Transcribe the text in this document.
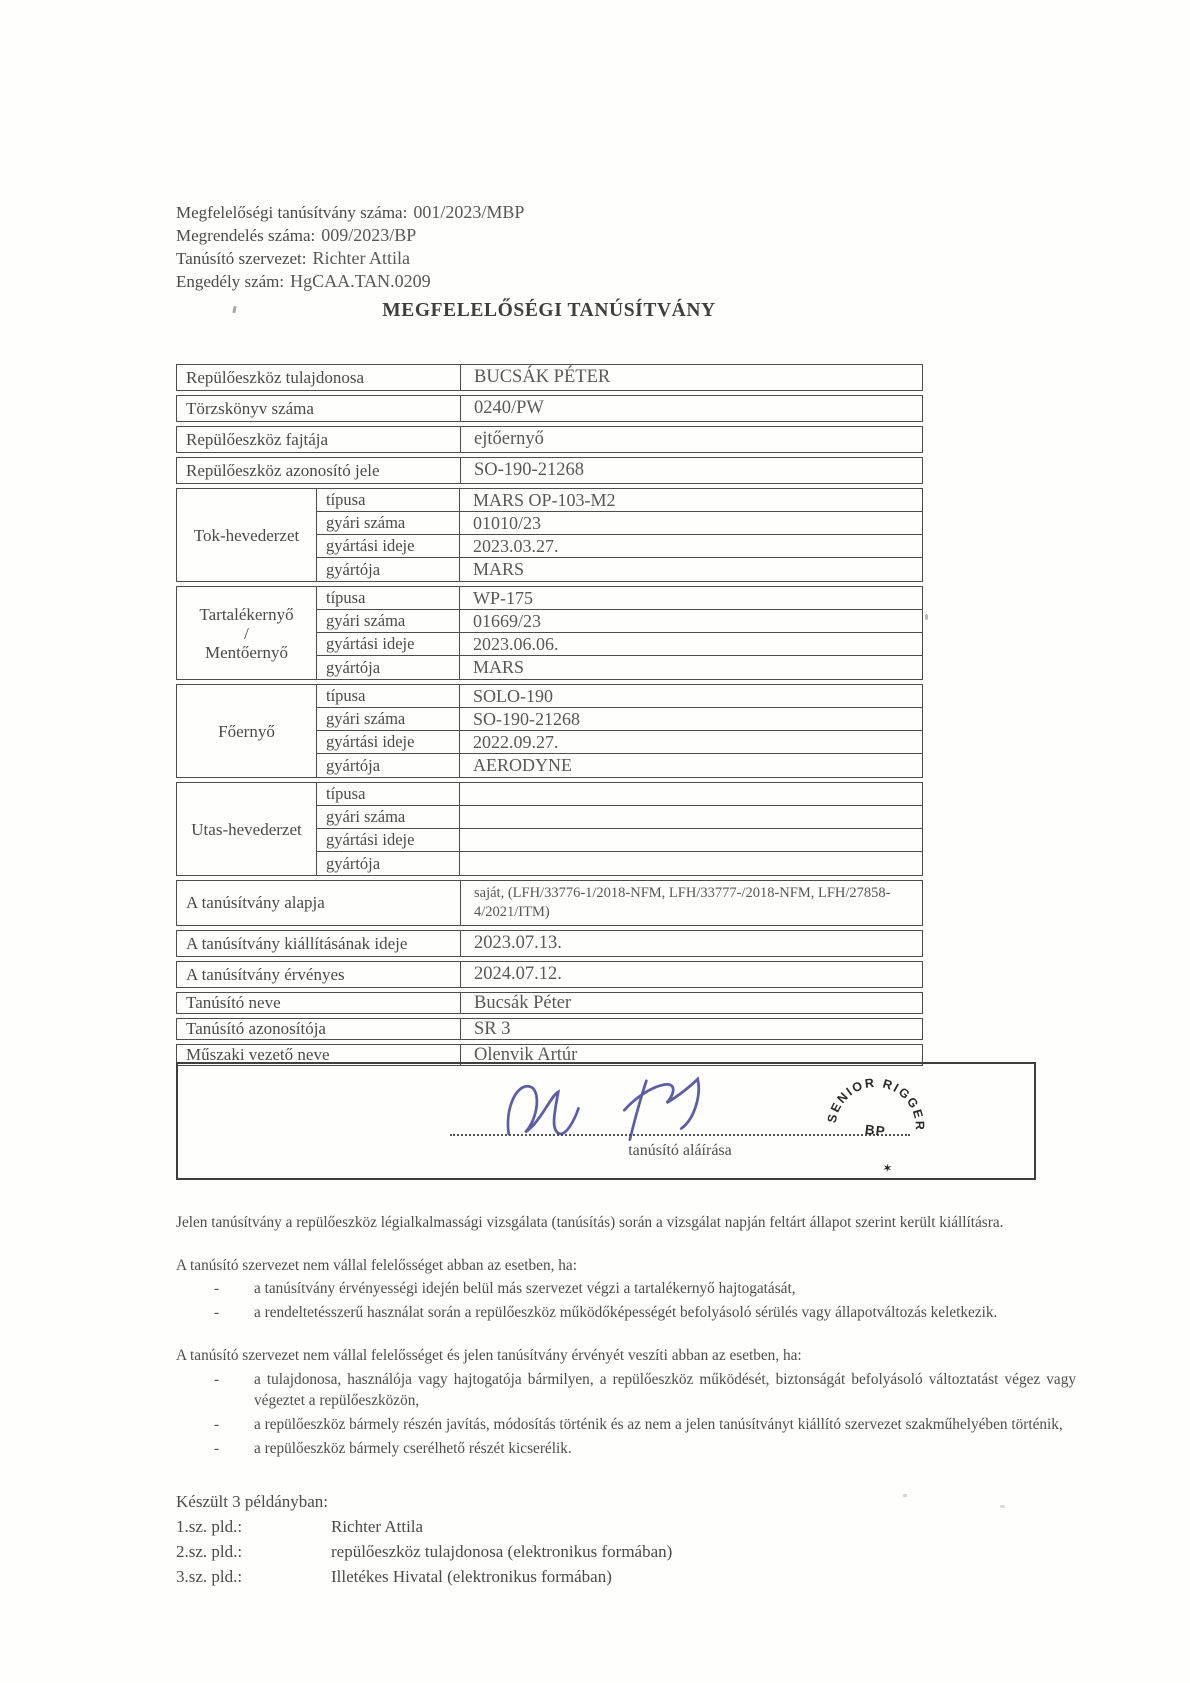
Megfelelőségi tanúsítvány száma: 001/2023/MBP
Megrendelés száma: 009/2023/BP
Tanúsító szervezet: Richter Attila
Engedély szám: HgCAA.TAN.0209
MEGFELELŐSÉGI TANÚSÍTVÁNY
Repülőeszköz tulajdonosa	BUCSÁK PÉTER
Törzskönyv száma	0240/PW
Repülőeszköz fajtája	ejtőernyő
Repülőeszköz azonosító jele	SO-190-21268
Tok-hevederzet
típusa	MARS OP-103-M2
gyári száma	01010/23
gyártási ideje	2023.03.27.
gyártója	MARS
Tartalékernyő
/
Mentőernyő
típusa	WP-175
gyári száma	01669/23
gyártási ideje	2023.06.06.
gyártója	MARS
Főernyő
típusa	SOLO-190
gyári száma	SO-190-21268
gyártási ideje	2022.09.27.
gyártója	AERODYNE
Utas-hevederzet
típusa
gyári száma
gyártási ideje
gyártója
A tanúsítvány alapja	saját, (LFH/33776-1/2018-NFM, LFH/33777-/2018-NFM, LFH/27858-4/2021/ITM)
A tanúsítvány kiállításának ideje	2023.07.13.
A tanúsítvány érvényes	2024.07.12.
Tanúsító neve	Bucsák Péter
Tanúsító azonosítója	SR 3
Műszaki vezető neve	Olenvik Artúr
SENIOR RIGGER
BP
✶
tanúsító aláírása

Jelen tanúsítvány a repülőeszköz légialkalmassági vizsgálata (tanúsítás) során a vizsgálat napján feltárt állapot szerint került kiállításra.

A tanúsító szervezet nem vállal felelősséget abban az esetben, ha:

-	a tanúsítvány érvényességi idején belül más szervezet végzi a tartalékernyő hajtogatását,
-	a rendeltetésszerű használat során a repülőeszköz működőképességét befolyásoló sérülés vagy állapotváltozás keletkezik.

A tanúsító szervezet nem vállal felelősséget és jelen tanúsítvány érvényét veszíti abban az esetben, ha:

-	a tulajdonosa, használója vagy hajtogatója bármilyen, a repülőeszköz működését, biztonságát befolyásoló változtatást végez vagy végeztet a repülőeszközön,
-	a repülőeszköz bármely részén javítás, módosítás történik és az nem a jelen tanúsítványt kiállító szervezet szakműhelyében történik,
-	a repülőeszköz bármely cserélhető részét kicserélik.
Készült 3 példányban:
1.sz. pld.:	Richter Attila
2.sz. pld.:	repülőeszköz tulajdonosa (elektronikus formában)
3.sz. pld.:	Illetékes Hivatal (elektronikus formában)
